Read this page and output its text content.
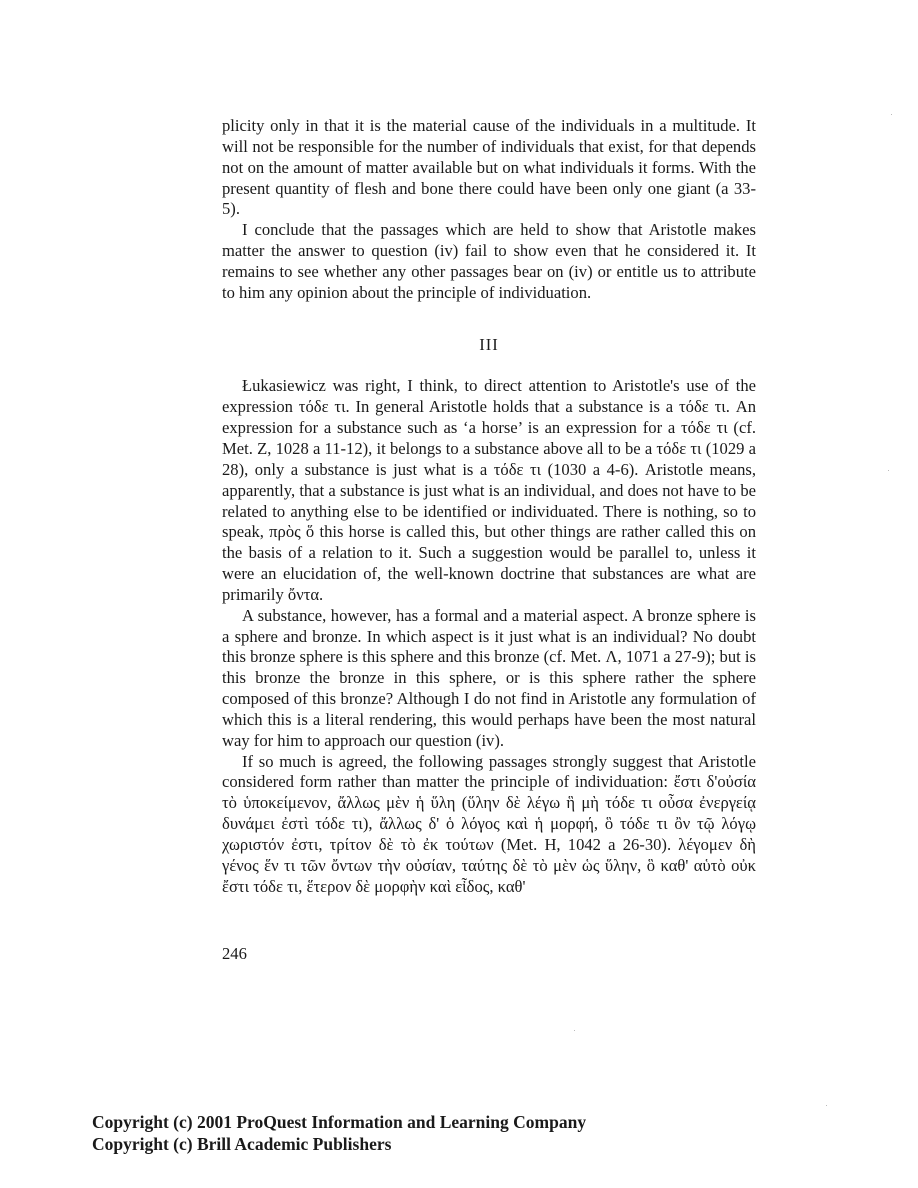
plicity only in that it is the material cause of the individuals in a multitude. It will not be responsible for the number of individuals that exist, for that depends not on the amount of matter available but on what individuals it forms. With the present quantity of flesh and bone there could have been only one giant (a 33-5).

I conclude that the passages which are held to show that Aristotle makes matter the answer to question (iv) fail to show even that he considered it. It remains to see whether any other passages bear on (iv) or entitle us to attribute to him any opinion about the principle of individuation.

III

Łukasiewicz was right, I think, to direct attention to Aristotle's use of the expression τόδε τι. In general Aristotle holds that a substance is a τόδε τι. An expression for a substance such as ‘a horse’ is an expression for a τόδε τι (cf. Met. Z, 1028 a 11-12), it belongs to a substance above all to be a τόδε τι (1029 a 28), only a substance is just what is a τόδε τι (1030 a 4-6). Aristotle means, apparently, that a substance is just what is an individual, and does not have to be related to anything else to be identified or individuated. There is nothing, so to speak, πρὸς ὅ this horse is called this, but other things are rather called this on the basis of a relation to it. Such a suggestion would be parallel to, unless it were an elucidation of, the well-known doctrine that substances are what are primarily ὄντα.

A substance, however, has a formal and a material aspect. A bronze sphere is a sphere and bronze. In which aspect is it just what is an individual? No doubt this bronze sphere is this sphere and this bronze (cf. Met. Λ, 1071 a 27-9); but is this bronze the bronze in this sphere, or is this sphere rather the sphere composed of this bronze? Although I do not find in Aristotle any formulation of which this is a literal rendering, this would perhaps have been the most natural way for him to approach our question (iv).

If so much is agreed, the following passages strongly suggest that Aristotle considered form rather than matter the principle of individuation: ἔστι δ'οὐσία τὸ ὑποκείμενον, ἄλλως μὲν ἡ ὕλη (ὕλην δὲ λέγω ἣ μὴ τόδε τι οὖσα ἐνεργείᾳ δυνάμει ἐστὶ τόδε τι), ἄλλως δ' ὁ λόγος καὶ ἡ μορφή, ὃ τόδε τι ὂν τῷ λόγῳ χωριστόν ἐστι, τρίτον δὲ τὸ ἐκ τούτων (Met. H, 1042 a 26-30). λέγομεν δὴ γένος ἕν τι τῶν ὄντων τὴν οὐσίαν, ταύτης δὲ τὸ μὲν ὡς ὕλην, ὃ καθ' αὑτὸ οὐκ ἔστι τόδε τι, ἕτερον δὲ μορφὴν καὶ εἶδος, καθ'

246
Copyright (c) 2001 ProQuest Information and Learning Company
Copyright (c) Brill Academic Publishers
